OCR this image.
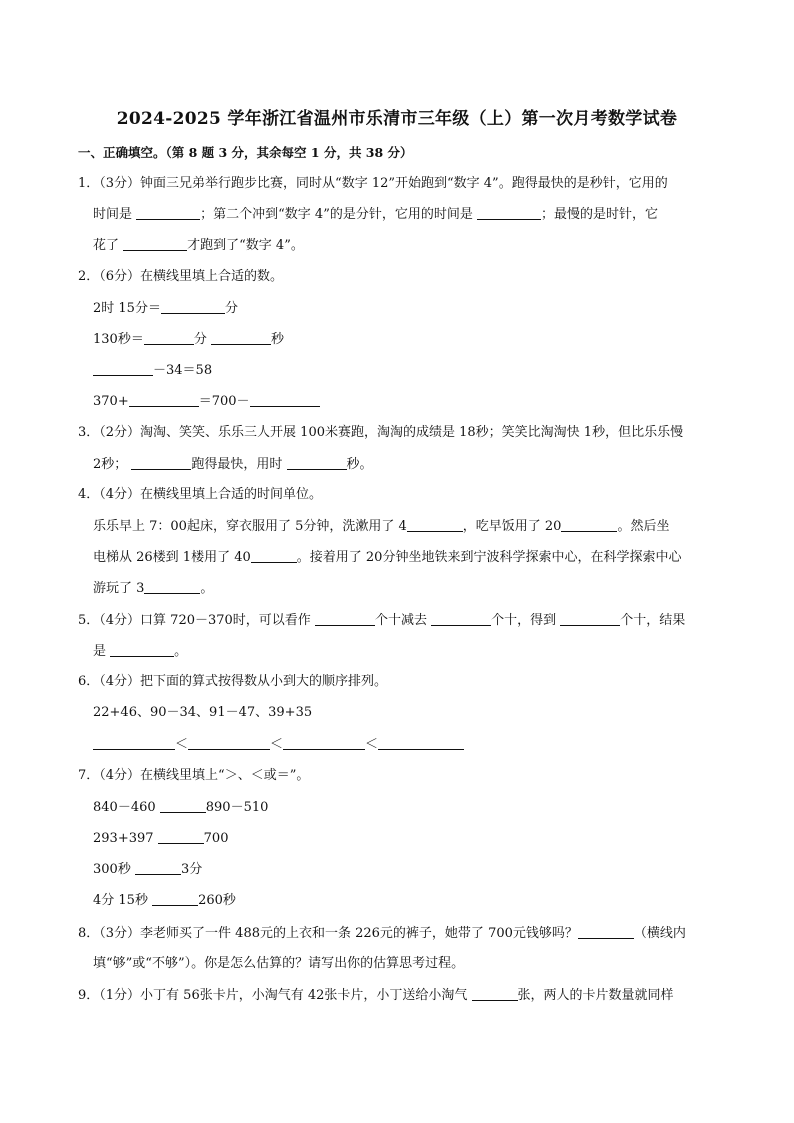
2024-2025 学年浙江省温州市乐清市三年级（上）第一次月考数学试卷
一、正确填空。（第 8 题 3 分，其余每空 1 分，共 38 分）
1．（3分）钟面三兄弟举行跑步比赛，同时从“数字 12”开始跑到“数字 4”。跑得最快的是秒针，它用的
时间是	；第二个冲到“数字 4”的是分针，它用的时间是	；最慢的是时针，它
花了	才跑到了“数字 4”。
2．（6分）在横线里填上合适的数。
2时 15分＝	分
130秒＝	分	秒
－34＝58
370+	＝700－
3．（2分）淘淘、笑笑、乐乐三人开展 100米赛跑，淘淘的成绩是 18秒；笑笑比淘淘快 1秒，但比乐乐慢
2秒；	跑得最快，用时	秒。
4．（4分）在横线里填上合适的时间单位。
乐乐早上 7：00起床，穿衣服用了 5分钟，洗漱用了 4	，吃早饭用了 20	。然后坐
电梯从 26楼到 1楼用了 40	。接着用了 20分钟坐地铁来到宁波科学探索中心，在科学探索中心
游玩了 3	。
5．（4分）口算 720－370时，可以看作	个十减去	个十，得到	个十，结果
是	。
6．（4分）把下面的算式按得数从小到大的顺序排列。
22+46、90－34、91－47、39+35
＜	＜	＜
7．（4分）在横线里填上“＞、＜或＝”。
840－460	890－510
293+397	700
300秒	3分
4分 15秒	260秒
8．（3分）李老师买了一件 488元的上衣和一条 226元的裤子，她带了 700元钱够吗？	（横线内
填“够”或“不够”）。你是怎么估算的？请写出你的估算思考过程。
9．（1分）小丁有 56张卡片，小淘气有 42张卡片，小丁送给小淘气	张，两人的卡片数量就同样
